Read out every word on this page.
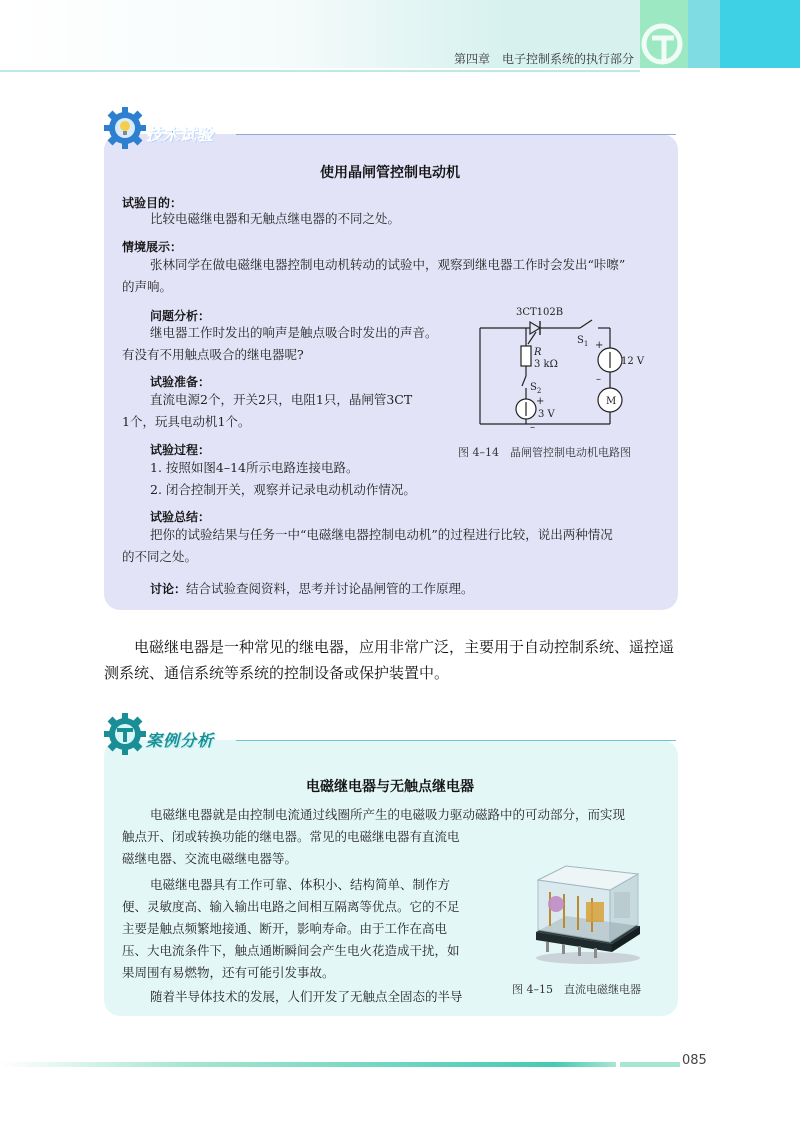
第四章　电子控制系统的执行部分
技术试验
使用晶闸管控制电动机
试验目的：
比较电磁继电器和无触点继电器的不同之处。
情境展示：
张林同学在做电磁继电器控制电动机转动的试验中，观察到继电器工作时会发出“咔嚓”
的声响。
问题分析：
继电器工作时发出的响声是触点吸合时发出的声音。
有没有不用触点吸合的继电器呢?
试验准备：
直流电源2个，开关2只，电阻1只，晶闸管3CT
1个，玩具电动机1个。
试验过程：
1. 按照如图4–14所示电路连接电路。
2. 闭合控制开关，观察并记录电动机动作情况。
试验总结：
把你的试验结果与任务一中“电磁继电器控制电动机”的过程进行比较，说出两种情况
的不同之处。
讨论：结合试验查阅资料，思考并讨论晶闸管的工作原理。
3CT102B
$S_1$
R
3 kΩ
+
12 V
–
M
$S_2$
+
3 V
–
图 4–14　晶闸管控制电动机电路图
电磁继电器是一种常见的继电器，应用非常广泛，主要用于自动控制系统、遥控遥测系统、通信系统等系统的控制设备或保护装置中。
案例分析
电磁继电器与无触点继电器
电磁继电器就是由控制电流通过线圈所产生的电磁吸力驱动磁路中的可动部分，而实现
触点开、闭或转换功能的继电器。常见的电磁继电器有直流电
磁继电器、交流电磁继电器等。
电磁继电器具有工作可靠、体积小、结构简单、制作方
便、灵敏度高、输入输出电路之间相互隔离等优点。它的不足
主要是触点频繁地接通、断开，影响寿命。由于工作在高电
压、大电流条件下，触点通断瞬间会产生电火花造成干扰，如
果周围有易燃物，还有可能引发事故。
随着半导体技术的发展，人们开发了无触点全固态的半导	图 4–15　直流电磁继电器
085
